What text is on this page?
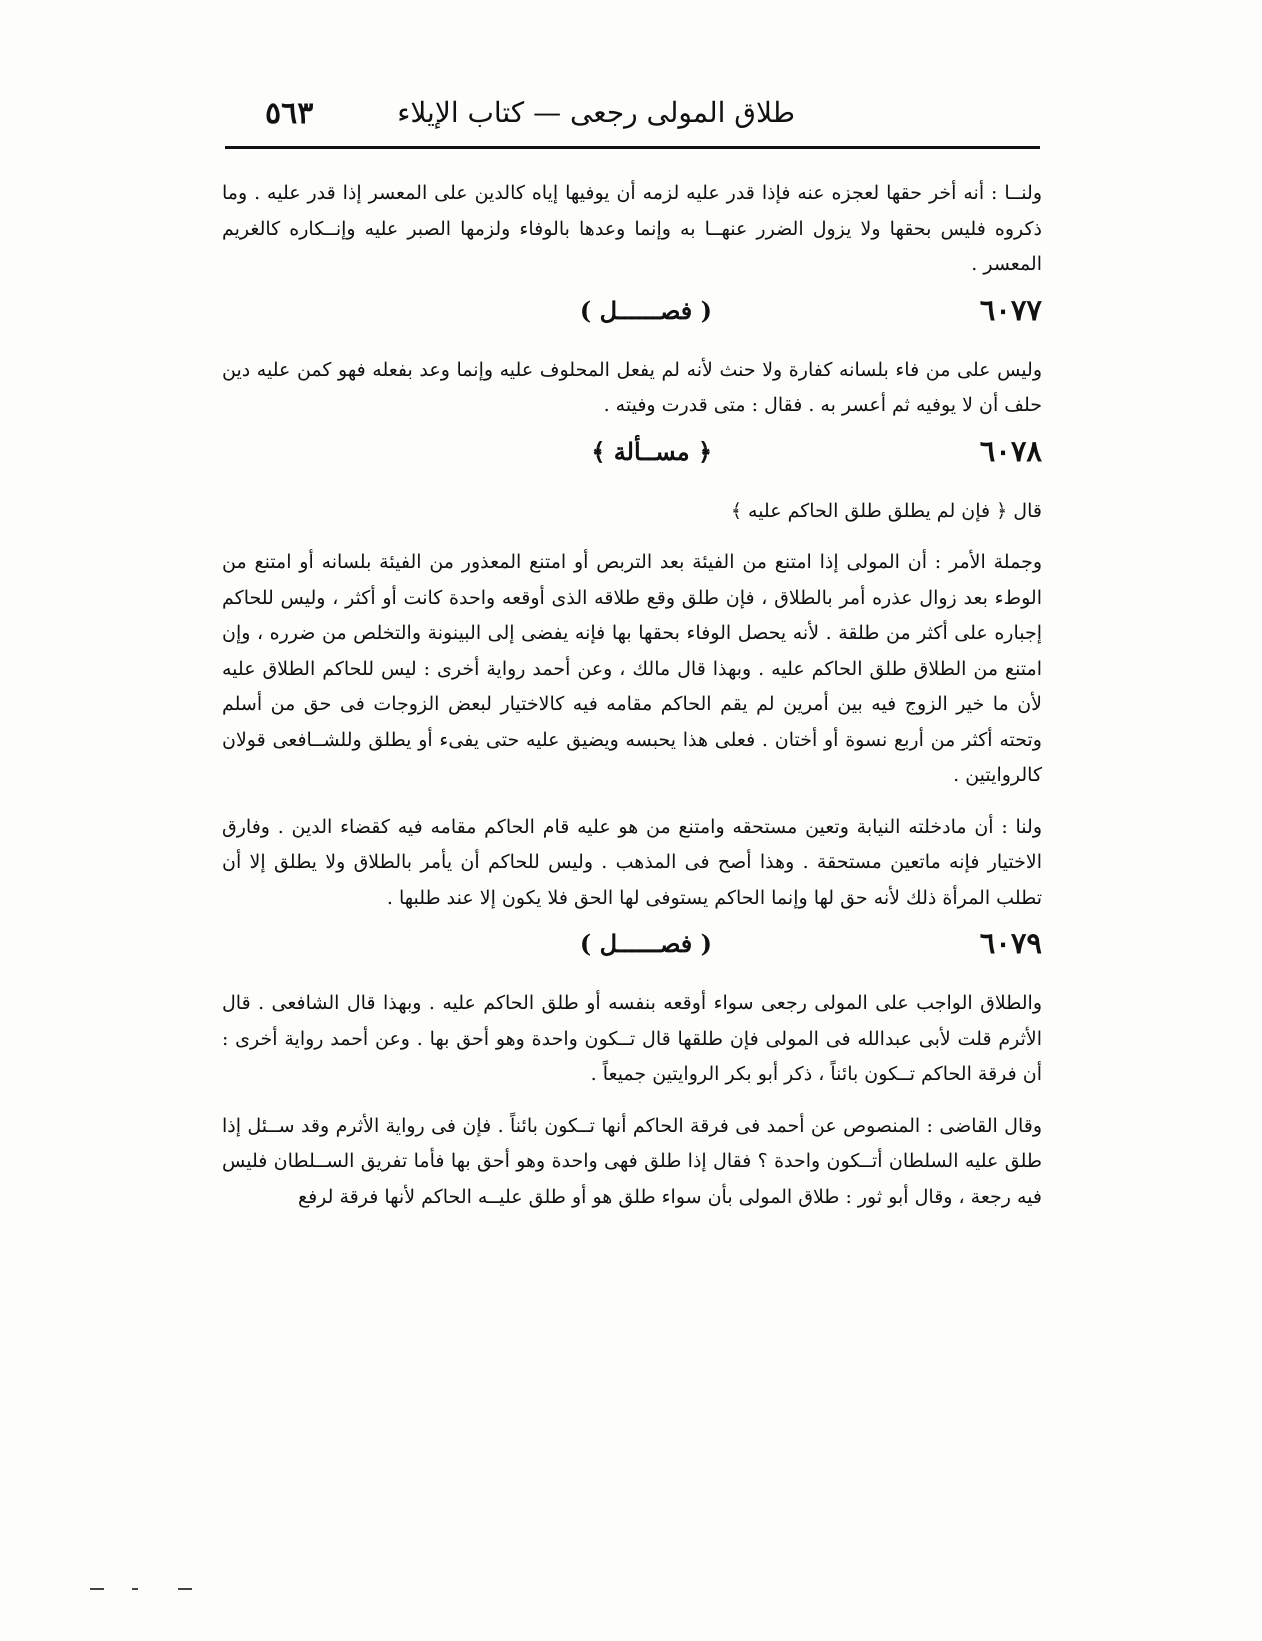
٥٦٣	طلاق المولى رجعى — كتاب الإيلاء

ولنــا : أنه أخر حقها لعجزه عنه فإذا قدر عليه لزمه أن يوفيها إياه كالدين على المعسر إذا قدر عليه . وما ذكروه فليس بحقها ولا يزول الضرر عنهــا به وإنما وعدها بالوفاء ولزمها الصبر عليه وإنــكاره كالغريم المعسر .

٦٠٧٧
( فصــــــل )

وليس على من فاء بلسانه كفارة ولا حنث لأنه لم يفعل المحلوف عليه وإنما وعد بفعله فهو كمن عليه دين حلف أن لا يوفيه ثم أعسر به . فقال : متى قدرت وفيته .

٦٠٧٨
﴿ مســألة ﴾

قال ﴿ فإن لم يطلق طلق الحاكم عليه ﴾

وجملة الأمر : أن المولى إذا امتنع من الفيئة بعد التربص أو امتنع المعذور من الفيئة بلسانه أو امتنع من الوطء بعد زوال عذره أمر بالطلاق ، فإن طلق وقع طلاقه الذى أوقعه واحدة كانت أو أكثر ، وليس للحاكم إجباره على أكثر من طلقة . لأنه يحصل الوفاء بحقها بها فإنه يفضى إلى البينونة والتخلص من ضرره ، وإن امتنع من الطلاق طلق الحاكم عليه . وبهذا قال مالك ، وعن أحمد رواية أخرى : ليس للحاكم الطلاق عليه لأن ما خير الزوج فيه بين أمرين لم يقم الحاكم مقامه فيه كالاختيار لبعض الزوجات فى حق من أسلم وتحته أكثر من أربع نسوة أو أختان . فعلى هذا يحبسه ويضيق عليه حتى يفىء أو يطلق وللشــافعى قولان كالروايتين .

ولنا : أن مادخلته النيابة وتعين مستحقه وامتنع من هو عليه قام الحاكم مقامه فيه كقضاء الدين . وفارق الاختيار فإنه ماتعين مستحقة . وهذا أصح فى المذهب . وليس للحاكم أن يأمر بالطلاق ولا يطلق إلا أن تطلب المرأة ذلك لأنه حق لها وإنما الحاكم يستوفى لها الحق فلا يكون إلا عند طلبها .

٦٠٧٩
( فصــــــل )

والطلاق الواجب على المولى رجعى سواء أوقعه بنفسه أو طلق الحاكم عليه . وبهذا قال الشافعى . قال الأثرم قلت لأبى عبدالله فى المولى فإن طلقها قال تــكون واحدة وهو أحق بها . وعن أحمد رواية أخرى : أن فرقة الحاكم تــكون بائناً ، ذكر أبو بكر الروايتين جميعاً .

وقال القاضى : المنصوص عن أحمد فى فرقة الحاكم أنها تــكون بائناً . فإن فى رواية الأثرم وقد ســئل إذا طلق عليه السلطان أتــكون واحدة ؟ فقال إذا طلق فهى واحدة وهو أحق بها فأما تفريق الســلطان فليس فيه رجعة ، وقال أبو ثور : طلاق المولى بأن سواء طلق هو أو طلق عليــه الحاكم لأنها فرقة لرفع
